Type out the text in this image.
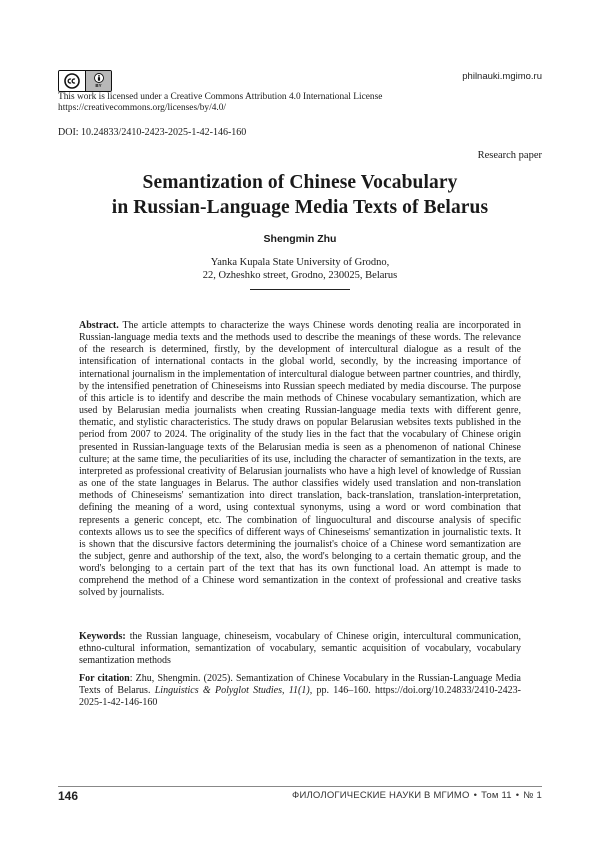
BY
philnauki.mgimo.ru
This work is licensed under a Creative Commons Attribution 4.0 International License
https://creativecommons.org/licenses/by/4.0/
DOI: 10.24833/2410-2423-2025-1-42-146-160
Research paper
Semantization of Chinese Vocabulary
in Russian-Language Media Texts of Belarus
Shengmin Zhu
Yanka Kupala State University of Grodno,
22, Ozheshko street, Grodno, 230025, Belarus
Abstract. The article attempts to characterize the ways Chinese words denoting realia are incorporated in Russian-language media texts and the methods used to describe the meanings of these words. The relevance of the research is determined, firstly, by the development of intercultural dialogue as a result of the intensification of international contacts in the global world, secondly, by the increasing importance of international journalism in the implementation of intercultural dialogue between partner countries, and thirdly, by the intensified penetration of Chineseisms into Russian speech mediated by media discourse. The purpose of this article is to identify and describe the main methods of Chinese vocabulary semantization, which are used by Belarusian media journalists when creating Russian-language media texts with different genre, thematic, and stylistic characteristics. The study draws on popular Belarusian websites texts published in the period from 2007 to 2024. The originality of the study lies in the fact that the vocabulary of Chinese origin presented in Russian-language texts of the Belarusian media is seen as a phenomenon of national Chinese culture; at the same time, the peculiarities of its use, including the character of semantization in the texts, are interpreted as professional creativity of Belarusian journalists who have a high level of knowledge of Russian as one of the state languages in Belarus. The author classifies widely used translation and non-translation methods of Chineseisms' semantization into direct translation, back-translation, translation-interpretation, defining the meaning of a word, using contextual synonyms, using a word or word combination that represents a generic concept, etc. The combination of linguocultural and discourse analysis of specific contexts allows us to see the specifics of different ways of Chineseisms' semantization in journalistic texts. It is shown that the discursive factors determining the journalist's choice of a Chinese word semantization are the subject, genre and authorship of the text, also, the word's belonging to a certain thematic group, and the word's belonging to a certain part of the text that has its own functional load. An attempt is made to comprehend the method of a Chinese word semantization in the context of professional and creative tasks solved by journalists.
Keywords: the Russian language, chineseism, vocabulary of Chinese origin, intercultural communication, ethno-cultural information, semantization of vocabulary, semantic acquisition of vocabulary, vocabulary semantization methods
For citation: Zhu, Shengmin. (2025). Semantization of Chinese Vocabulary in the Russian-Language Media Texts of Belarus. Linguistics & Polyglot Studies, 11(1), pp. 146–160. https://doi.org/10.24833/2410-2423-2025-1-42-146-160
146	ФИЛОЛОГИЧЕСКИЕ НАУКИ В МГИМО • Том 11 • № 1
